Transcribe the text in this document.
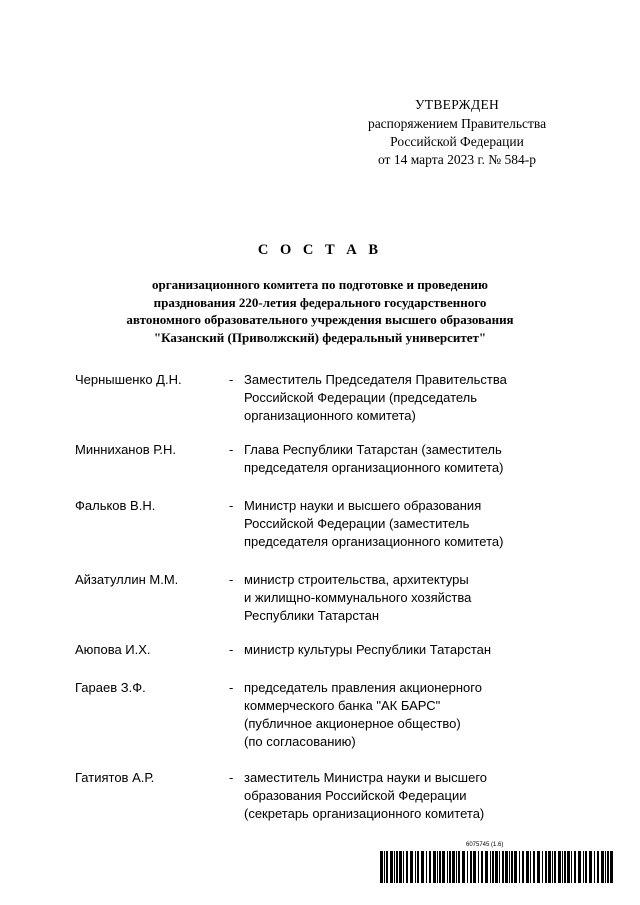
УТВЕРЖДЕН
распоряжением Правительства
Российской Федерации
от 14 марта 2023 г. № 584-р
С О С Т А В
организационного комитета по подготовке и проведению
празднования 220-летия федерального государственного
автономного образовательного учреждения высшего образования
"Казанский (Приволжский) федеральный университет"
Чернышенко Д.Н.	- Заместитель Председателя Правительства
Российской Федерации (председатель
организационного комитета)
Минниханов Р.Н.	- Глава Республики Татарстан (заместитель
председателя организационного комитета)
Фальков В.Н.	- Министр науки и высшего образования
Российской Федерации (заместитель
председателя организационного комитета)
Айзатуллин М.М.	- министр строительства, архитектуры
и жилищно-коммунального хозяйства
Республики Татарстан
Аюпова И.Х.	- министр культуры Республики Татарстан
Гараев З.Ф.	- председатель правления акционерного
коммерческого банка "АК БАРС"
(публичное акционерное общество)
(по согласованию)
Гатиятов А.Р.	- заместитель Министра науки и высшего
образования Российской Федерации
(секретарь организационного комитета)
6075745 (1.6)
